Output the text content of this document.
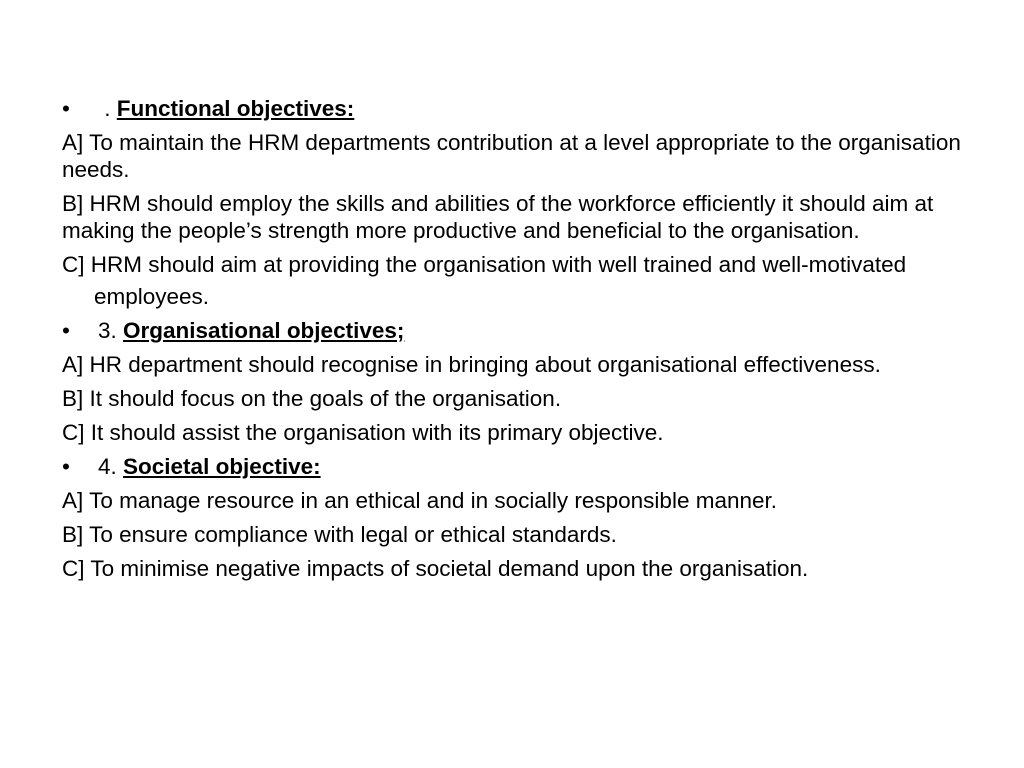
• . Functional objectives:

A] To maintain the HRM departments contribution at a level appropriate to the organisation needs.

B] HRM should employ the skills and abilities of the workforce efficiently it should aim at making the people’s strength more productive and beneficial to the organisation.

C] HRM should aim at providing the organisation with well trained and well-motivated

employees.

• 3. Organisational objectives;

A] HR department should recognise in bringing about organisational effectiveness.

B] It should focus on the goals of the organisation.

C] It should assist the organisation with its primary objective.

• 4. Societal objective:

A] To manage resource in an ethical and in socially responsible manner.

B] To ensure compliance with legal or ethical standards.

C] To minimise negative impacts of societal demand upon the organisation.
